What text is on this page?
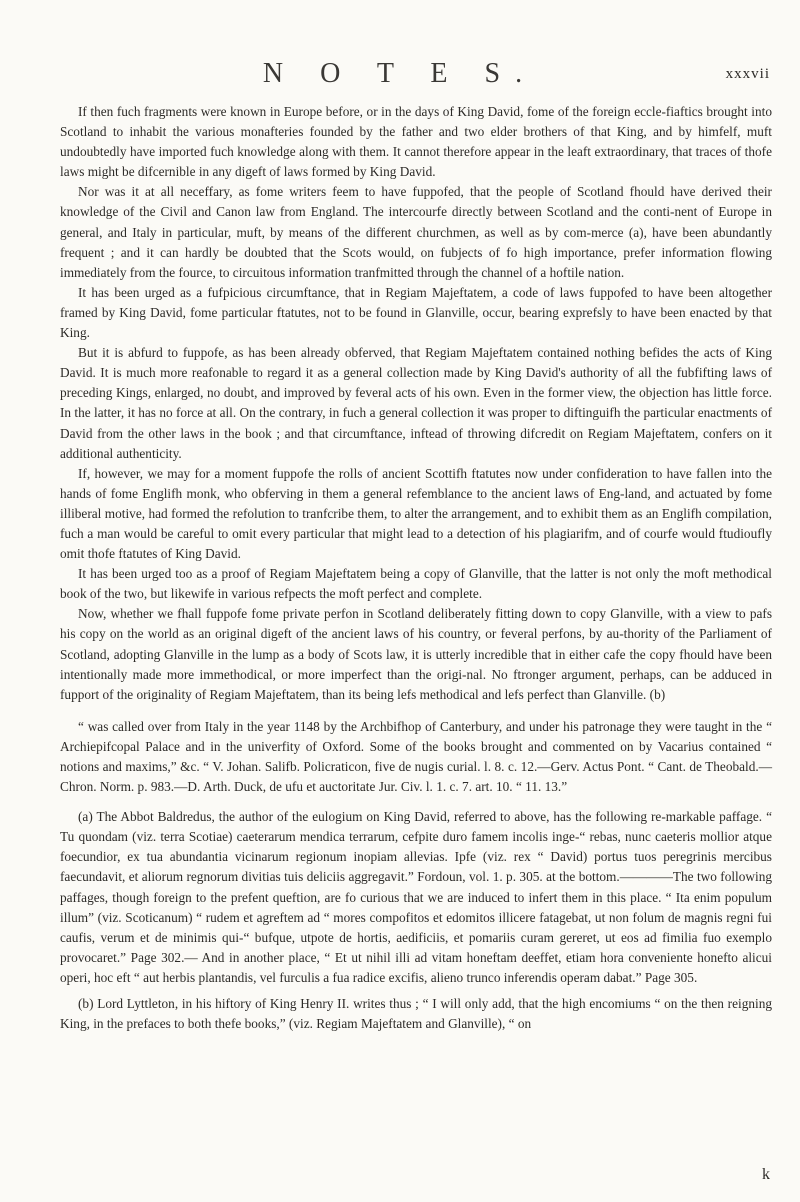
N O T E S.	xxxvii

If then fuch fragments were known in Europe before, or in the days of King David, fome of the foreign eccle-fiaftics brought into Scotland to inhabit the various monafteries founded by the father and two elder brothers of that King, and by himfelf, muft undoubtedly have imported fuch knowledge along with them. It cannot therefore appear in the leaft extraordinary, that traces of thofe laws might be difcernible in any digeft of laws formed by King David.

Nor was it at all neceffary, as fome writers feem to have fuppofed, that the people of Scotland fhould have derived their knowledge of the Civil and Canon law from England. The intercourfe directly between Scotland and the conti-nent of Europe in general, and Italy in particular, muft, by means of the different churchmen, as well as by com-merce (a), have been abundantly frequent ; and it can hardly be doubted that the Scots would, on fubjects of fo high importance, prefer information flowing immediately from the fource, to circuitous information tranfmitted through the channel of a hoftile nation.

It has been urged as a fufpicious circumftance, that in Regiam Majeftatem, a code of laws fuppofed to have been altogether framed by King David, fome particular ftatutes, not to be found in Glanville, occur, bearing exprefsly to have been enacted by that King.

But it is abfurd to fuppofe, as has been already obferved, that Regiam Majeftatem contained nothing befides the acts of King David. It is much more reafonable to regard it as a general collection made by King David's authority of all the fubfifting laws of preceding Kings, enlarged, no doubt, and improved by feveral acts of his own. Even in the former view, the objection has little force. In the latter, it has no force at all. On the contrary, in fuch a general collection it was proper to diftinguifh the particular enactments of David from the other laws in the book ; and that circumftance, inftead of throwing difcredit on Regiam Majeftatem, confers on it additional authenticity.

If, however, we may for a moment fuppofe the rolls of ancient Scottifh ftatutes now under confideration to have fallen into the hands of fome Englifh monk, who obferving in them a general refemblance to the ancient laws of Eng-land, and actuated by fome illiberal motive, had formed the refolution to tranfcribe them, to alter the arrangement, and to exhibit them as an Englifh compilation, fuch a man would be careful to omit every particular that might lead to a detection of his plagiarifm, and of courfe would ftudioufly omit thofe ftatutes of King David.

It has been urged too as a proof of Regiam Majeftatem being a copy of Glanville, that the latter is not only the moft methodical book of the two, but likewife in various refpects the moft perfect and complete.

Now, whether we fhall fuppofe fome private perfon in Scotland deliberately fitting down to copy Glanville, with a view to pafs his copy on the world as an original digeft of the ancient laws of his country, or feveral perfons, by au-thority of the Parliament of Scotland, adopting Glanville in the lump as a body of Scots law, it is utterly incredible that in either cafe the copy fhould have been intentionally made more immethodical, or more imperfect than the origi-nal. No ftronger argument, perhaps, can be adduced in fupport of the originality of Regiam Majeftatem, than its being lefs methodical and lefs perfect than Glanville. (b)

“ was called over from Italy in the year 1148 by the Archbifhop of Canterbury, and under his patronage they were taught in the “ Archiepifcopal Palace and in the univerfity of Oxford. Some of the books brought and commented on by Vacarius contained “ notions and maxims,” &c. “ V. Johan. Salifb. Policraticon, five de nugis curial. l. 8. c. 12.—Gerv. Actus Pont. “ Cant. de Theobald.—Chron. Norm. p. 983.—D. Arth. Duck, de ufu et auctoritate Jur. Civ. l. 1. c. 7. art. 10. “ 11. 13.”

(a) The Abbot Baldredus, the author of the eulogium on King David, referred to above, has the following re-markable paffage. “ Tu quondam (viz. terra Scotiae) caeterarum mendica terrarum, cefpite duro famem incolis inge-“ rebas, nunc caeteris mollior atque foecundior, ex tua abundantia vicinarum regionum inopiam allevias. Ipfe (viz. rex “ David) portus tuos peregrinis mercibus faecundavit, et aliorum regnorum divitias tuis deliciis aggregavit.” Fordoun, vol. 1. p. 305. at the bottom.————The two following paffages, though foreign to the prefent queftion, are fo curious that we are induced to infert them in this place. “ Ita enim populum illum” (viz. Scoticanum) “ rudem et agreftem ad “ mores compofitos et edomitos illicere fatagebat, ut non folum de magnis regni fui caufis, verum et de minimis qui-“ bufque, utpote de hortis, aedificiis, et pomariis curam gereret, ut eos ad fimilia fuo exemplo provocaret.” Page 302.— And in another place, “ Et ut nihil illi ad vitam honeftam deeffet, etiam hora conveniente honefto alicui operi, hoc eft “ aut herbis plantandis, vel furculis a fua radice excifis, alieno trunco inferendis operam dabat.” Page 305.

(b) Lord Lyttleton, in his hiftory of King Henry II. writes thus ; “ I will only add, that the high encomiums “ on the then reigning King, in the prefaces to both thefe books,” (viz. Regiam Majeftatem and Glanville), “ on

k
